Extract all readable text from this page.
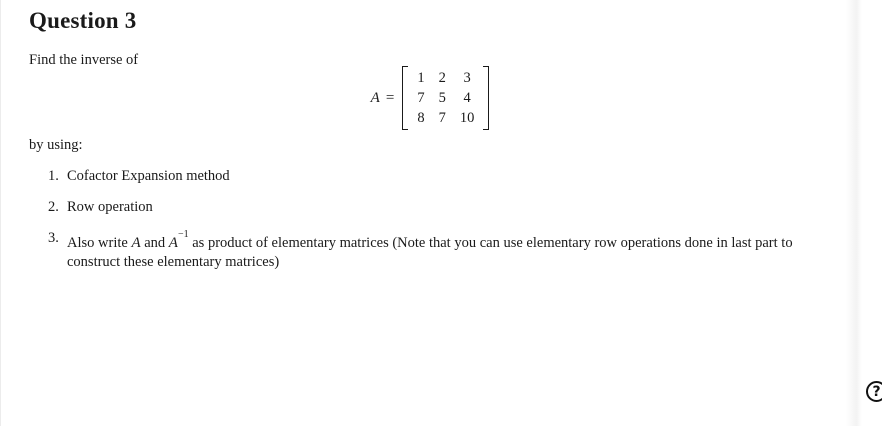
Question 3

Find the inverse of

A =
1	2	3
7	5	4
8	7	10

by using:

1. Cofactor Expansion method
2. Row operation
3. Also write A and $A^{-1}$ as product of elementary matrices (Note that you can use elementary row operations done in last part to construct these elementary matrices)
?
